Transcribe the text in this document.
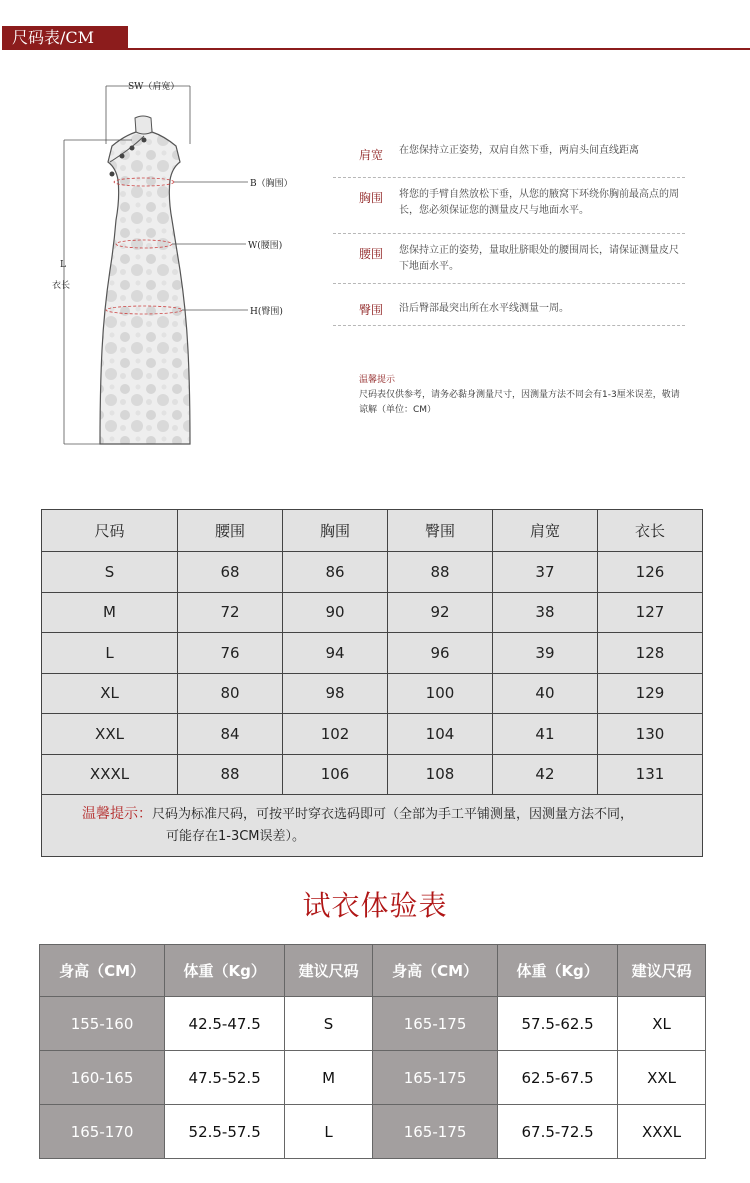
尺码表/CM
SW（肩宽）
B（胸围）
W(腰围)
H(臀围)
L
衣长
肩宽 在您保持立正姿势，双肩自然下垂，两肩头间直线距离
胸围 将您的手臂自然放松下垂，从您的腋窝下环绕你胸前最高点的周长，您必须保证您的测量皮尺与地面水平。
腰围 您保持立正的姿势，量取肚脐眼处的腰围周长，请保证测量皮尺下地面水平。
臀围 沿后臀部最突出所在水平线测量一周。
温馨提示
尺码表仅供参考，请务必黏身测量尺寸，因测量方法不同会有1-3厘米误差，敬请谅解（单位：CM）
尺码	腰围	胸围	臀围	肩宽	衣长
S	68	86	88	37	126
M	72	90	92	38	127
L	76	94	96	39	128
XL	80	98	100	40	129
XXL	84	102	104	41	130
XXXL	88	106	108	42	131
温馨提示：尺码为标准尺码，可按平时穿衣选码即可（全部为手工平铺测量，因测量方法不同，
可能存在1-3CM误差）。					
试衣体验表
身高（CM）	体重（Kg）	建议尺码	身高（CM）	体重（Kg）	建议尺码
155-160	42.5-47.5	S	165-175	57.5-62.5	XL
160-165	47.5-52.5	M	165-175	62.5-67.5	XXL
165-170	52.5-57.5	L	165-175	67.5-72.5	XXXL
